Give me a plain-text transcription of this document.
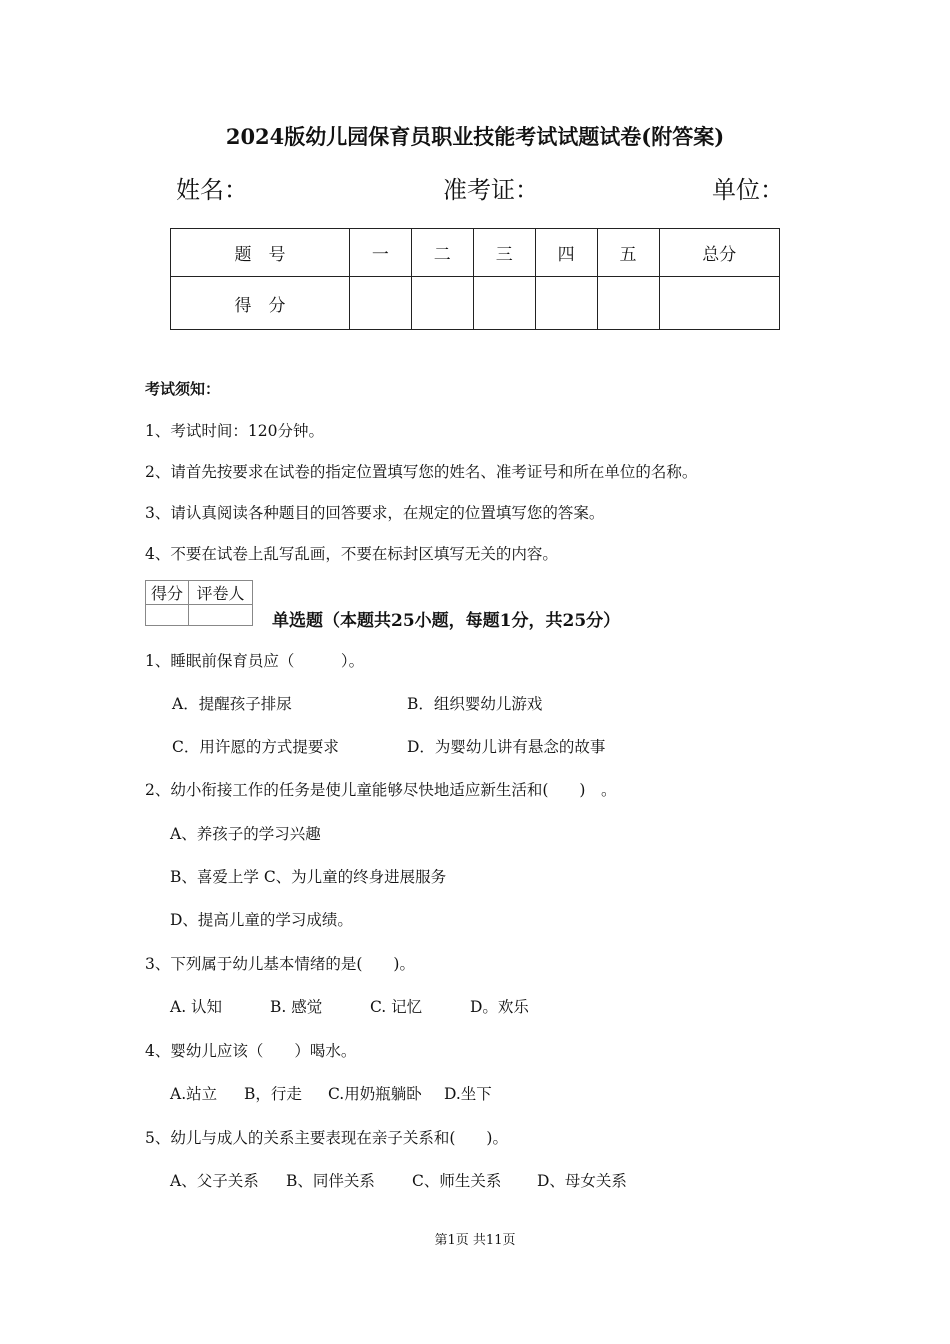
2024版幼儿园保育员职业技能考试试题试卷(附答案)
姓名：	准考证：	单位：
题　号	一	二	三	四	五	总分
得　分						
考试须知：
1、考试时间：120分钟。
2、请首先按要求在试卷的指定位置填写您的姓名、准考证号和所在单位的名称。
3、请认真阅读各种题目的回答要求，在规定的位置填写您的答案。
4、不要在试卷上乱写乱画，不要在标封区填写无关的内容。
得分	评卷人

单选题（本题共25小题，每题1分，共25分）
1、睡眠前保育员应（　　　）。
A．提醒孩子排尿	B．组织婴幼儿游戏
C．用许愿的方式提要求	D．为婴幼儿讲有悬念的故事
2、幼小衔接工作的任务是使儿童能够尽快地适应新生活和(　　)　。
A、养孩子的学习兴趣
B、喜爱上学 C、为儿童的终身进展服务
D、提高儿童的学习成绩。
3、下列属于幼儿基本情绪的是(　　)。
A. 认知	B. 感觉	C. 记忆	D。欢乐
4、婴幼儿应该（　　）喝水。
A.站立 B，行走 C.用奶瓶躺卧 D.坐下
5、幼儿与成人的关系主要表现在亲子关系和(　　)。
A、父子关系 B、同伴关系 C、师生关系 D、母女关系
第1页 共11页
